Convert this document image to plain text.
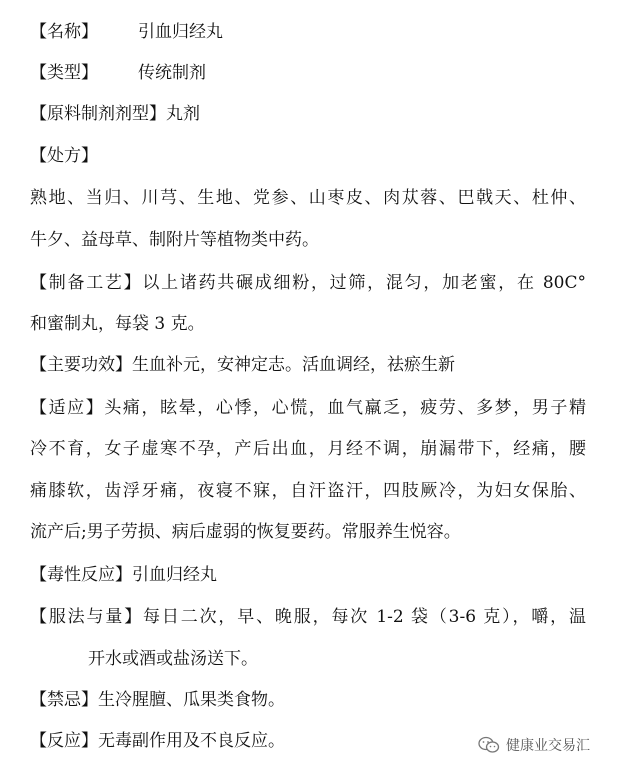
【名称】 引血归经丸
【类型】 传统制剂
【原料制剂剂型】丸剂
【处方】
熟地、当归、川芎、生地、党参、山枣皮、肉苁蓉、巴戟天、杜仲、
牛夕、益母草、制附片等植物类中药。
【制备工艺】以上诸药共碾成细粉，过筛，混匀，加老蜜，在 80C°
和蜜制丸，每袋 3 克。
【主要功效】生血补元，安神定志。活血调经，祛瘀生新
【适应】头痛，眩晕，心悸，心慌，血气羸乏，疲劳、多梦，男子精
冷不育，女子虚寒不孕，产后出血，月经不调，崩漏带下，经痛，腰
痛膝软，齿浮牙痛，夜寝不寐，自汗盗汗，四肢厥冷，为妇女保胎、
流产后;男子劳损、病后虚弱的恢复要药。常服养生悦容。
【毒性反应】引血归经丸
【服法与量】每日二次，早、晚服，每次 1-2 袋（3-6 克），嚼，温
开水或酒或盐汤送下。
【禁忌】生冷腥膻、瓜果类食物。
【反应】无毒副作用及不良反应。	健康业交易汇
